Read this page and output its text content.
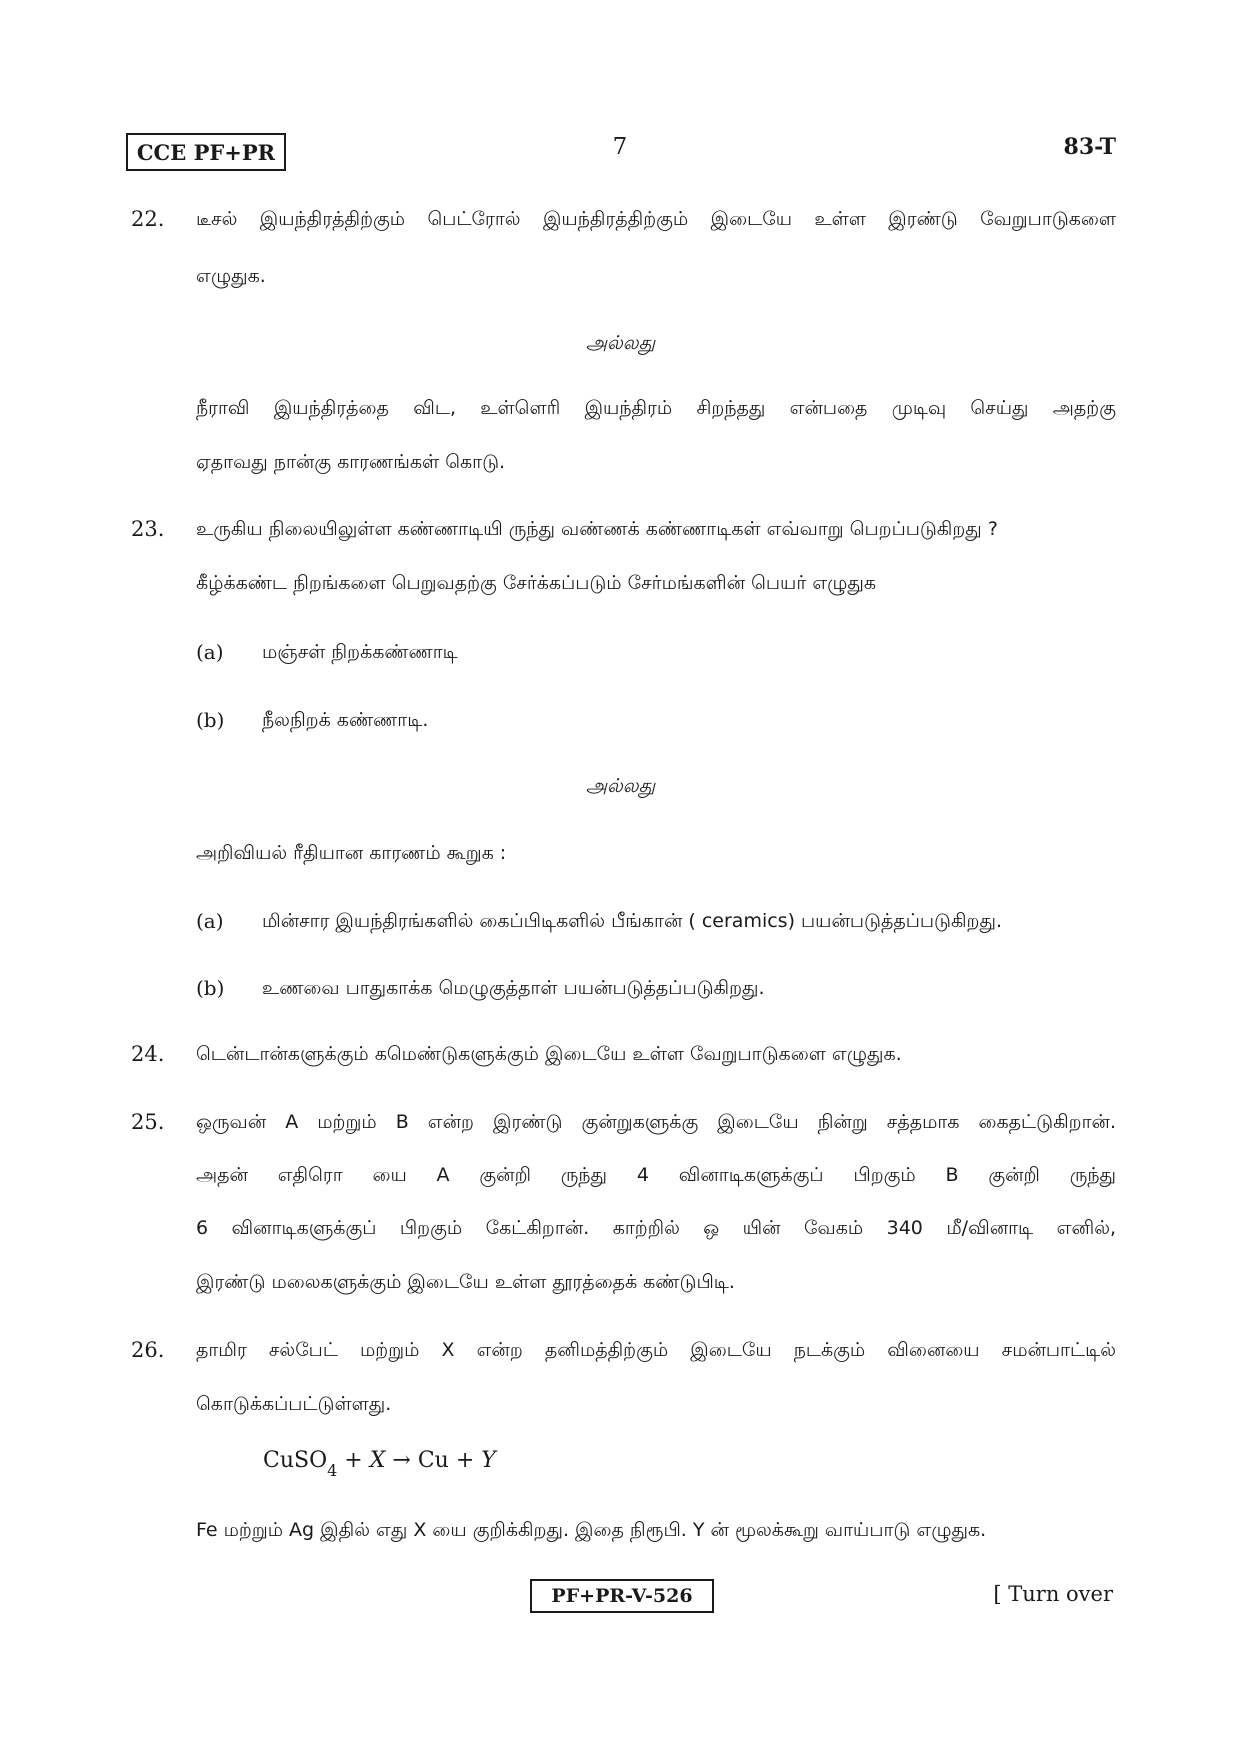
CCE PF+PR	7	83-T
22. டீசல் இயந்திரத்திற்கும் பெட்ரோல் இயந்திரத்திற்கும் இடையே உள்ள இரண்டு வேறுபாடுகளை
எழுதுக.
அல்லது
நீராவி இயந்திரத்தை விட, உள்ளெரி இயந்திரம் சிறந்தது என்பதை முடிவு செய்து அதற்கு
ஏதாவது நான்கு காரணங்கள் கொடு.
23. உருகிய நிலையிலுள்ள கண்ணாடியி ருந்து வண்ணக் கண்ணாடிகள் எவ்வாறு பெறப்படுகிறது ?
கீழ்க்கண்ட நிறங்களை பெறுவதற்கு சேர்க்கப்படும் சேர்மங்களின் பெயர் எழுதுக
(a) மஞ்சள் நிறக்கண்ணாடி
(b) நீலநிறக் கண்ணாடி.
அல்லது
அறிவியல் ரீதியான காரணம் கூறுக :
(a) மின்சார இயந்திரங்களில் கைப்பிடிகளில் பீங்கான் ( ceramics) பயன்படுத்தப்படுகிறது.
(b) உணவை பாதுகாக்க மெழுகுத்தாள் பயன்படுத்தப்படுகிறது.
24. டென்டான்களுக்கும் கமெண்டுகளுக்கும் இடையே உள்ள வேறுபாடுகளை எழுதுக.
25. ஒருவன் A மற்றும் B என்ற இரண்டு குன்றுகளுக்கு இடையே நின்று சத்தமாக கைதட்டுகிறான்.
அதன் எதிரொ யை A குன்றி ருந்து 4 வினாடிகளுக்குப் பிறகும் B குன்றி ருந்து
6 வினாடிகளுக்குப் பிறகும் கேட்கிறான். காற்றில் ஒ யின் வேகம் 340 மீ/வினாடி எனில்,
இரண்டு மலைகளுக்கும் இடையே உள்ள தூரத்தைக் கண்டுபிடி.
26. தாமிர சல்பேட் மற்றும் X என்ற தனிமத்திற்கும் இடையே நடக்கும் வினையை சமன்பாட்டில்
கொடுக்கப்பட்டுள்ளது.
CuSO$_4$ + X → Cu + Y
Fe மற்றும் Ag இதில் எது X யை குறிக்கிறது. இதை நிரூபி. Y ன் மூலக்கூறு வாய்பாடு எழுதுக.
PF+PR-V-526	[ Turn over
